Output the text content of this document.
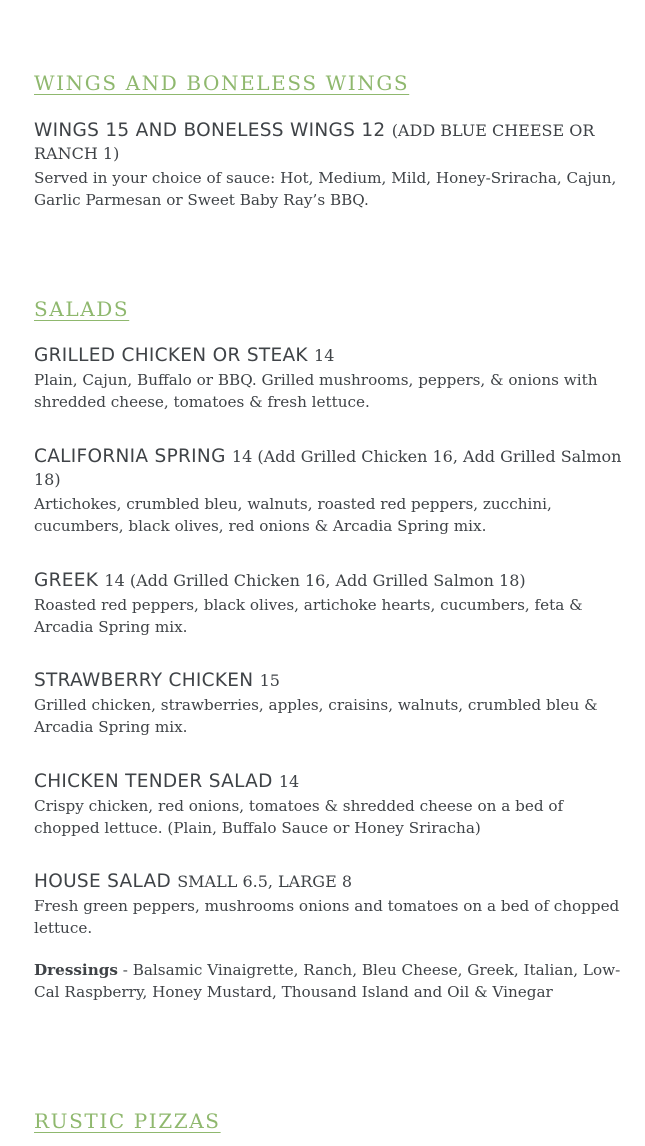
WINGS AND BONELESS WINGS

WINGS 15 AND BONELESS WINGS 12 (ADD BLUE CHEESE OR RANCH 1)

Served in your choice of sauce: Hot, Medium, Mild, Honey-Sriracha, Cajun, Garlic Parmesan or Sweet Baby Ray’s BBQ.

SALADS

GRILLED CHICKEN OR STEAK 14

Plain, Cajun, Buffalo or BBQ. Grilled mushrooms, peppers, & onions with shredded cheese, tomatoes & fresh lettuce.

CALIFORNIA SPRING 14 (Add Grilled Chicken 16, Add Grilled Salmon 18)

Artichokes, crumbled bleu, walnuts, roasted red peppers, zucchini, cucumbers, black olives, red onions & Arcadia Spring mix.

GREEK 14 (Add Grilled Chicken 16, Add Grilled Salmon 18)

Roasted red peppers, black olives, artichoke hearts, cucumbers, feta & Arcadia Spring mix.

STRAWBERRY CHICKEN 15

Grilled chicken, strawberries, apples, craisins, walnuts, crumbled bleu & Arcadia Spring mix.

CHICKEN TENDER SALAD 14

Crispy chicken, red onions, tomatoes & shredded cheese on a bed of chopped lettuce. (Plain, Buffalo Sauce or Honey Sriracha)

HOUSE SALAD SMALL 6.5, LARGE 8

Fresh green peppers, mushrooms onions and tomatoes on a bed of chopped lettuce.

Dressings - Balsamic Vinaigrette, Ranch, Bleu Cheese, Greek, Italian, Low-Cal Raspberry, Honey Mustard, Thousand Island and Oil & Vinegar

RUSTIC PIZZAS
